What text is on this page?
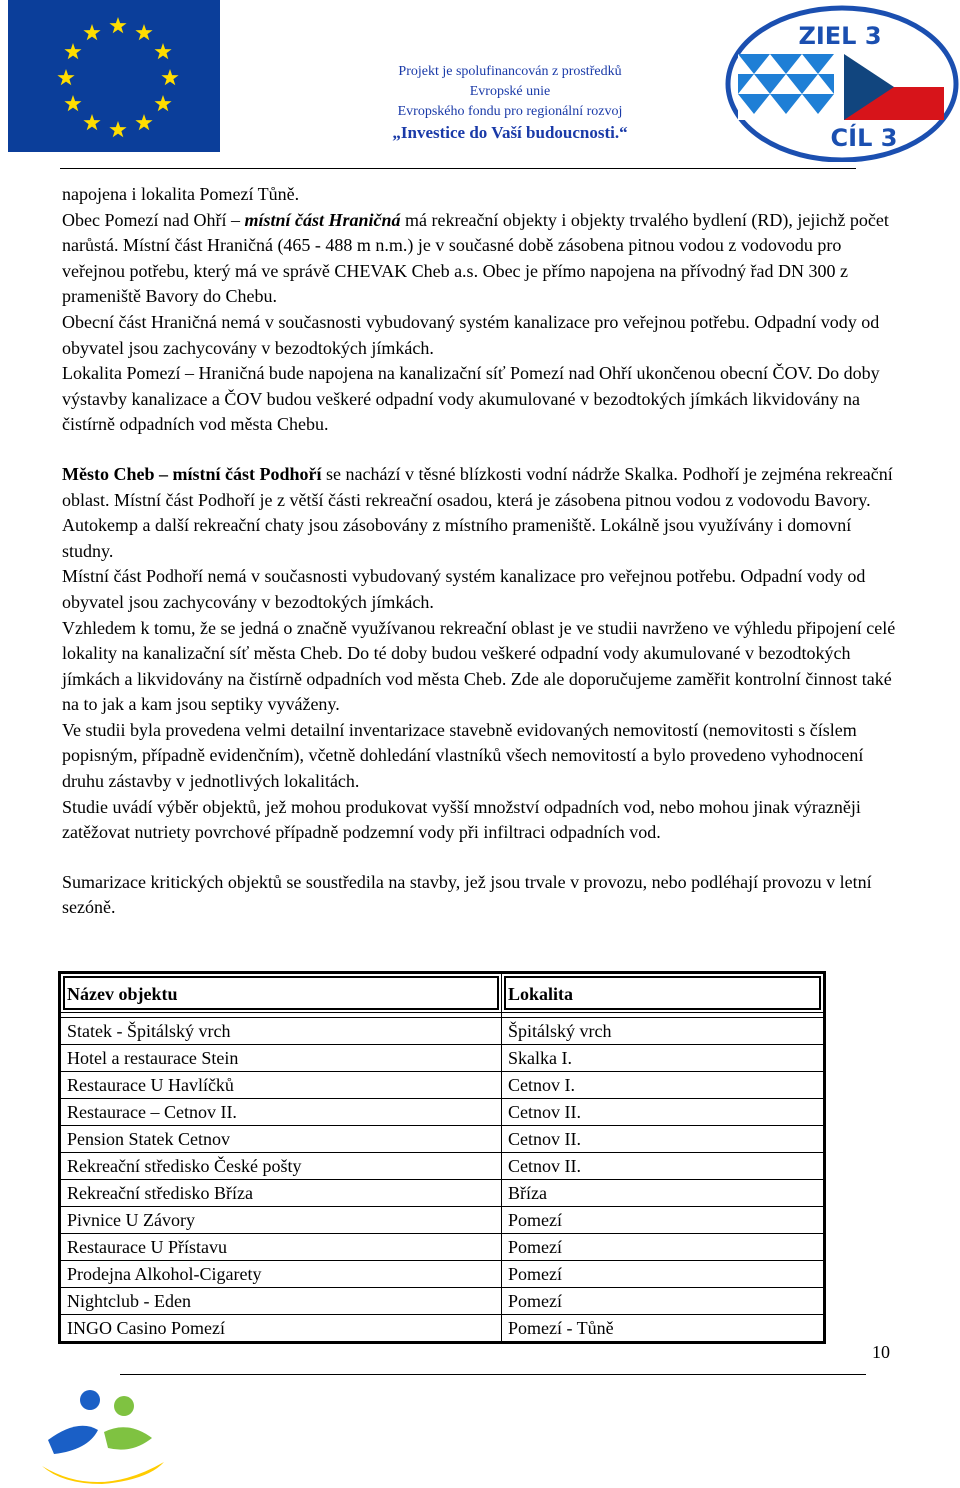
Projekt je spolufinancován z prostředků
Evropské unie
Evropského fondu pro regionální rozvoj
„Investice do Vaší budoucnosti.“
ZIEL 3
CÍL 3

napojena i lokalita Pomezí Tůně.

Obec Pomezí nad Ohří – místní část Hraničná má rekreační objekty i objekty trvalého bydlení (RD), jejichž počet narůstá. Místní část Hraničná (465 - 488 m n.m.) je v současné době zásobena pitnou vodou z vodovodu pro veřejnou potřebu, který má ve správě CHEVAK Cheb a.s. Obec je přímo napojena na přívodný řad DN 300 z prameniště Bavory do Chebu.

Obecní část Hraničná nemá v současnosti vybudovaný systém kanalizace pro veřejnou potřebu. Odpadní vody od obyvatel jsou zachycovány v bezodtokých jímkách.

Lokalita Pomezí – Hraničná bude napojena na kanalizační síť Pomezí nad Ohří ukončenou obecní ČOV. Do doby výstavby kanalizace a ČOV budou veškeré odpadní vody akumulované v bezodtokých jímkách likvidovány na čistírně odpadních vod města Chebu.

Město Cheb – místní část Podhoří se nachází v těsné blízkosti vodní nádrže Skalka. Podhoří je zejména rekreační oblast. Místní část Podhoří je z větší části rekreační osadou, která je zásobena pitnou vodou z vodovodu Bavory. Autokemp a další rekreační chaty jsou zásobovány z místního prameniště. Lokálně jsou využívány i domovní studny.

Místní část Podhoří nemá v současnosti vybudovaný systém kanalizace pro veřejnou potřebu. Odpadní vody od obyvatel jsou zachycovány v bezodtokých jímkách.

Vzhledem k tomu, že se jedná o značně využívanou rekreační oblast je ve studii navrženo ve výhledu připojení celé lokality na kanalizační síť města Cheb. Do té doby budou veškeré odpadní vody akumulované v bezodtokých jímkách a likvidovány na čistírně odpadních vod města Cheb. Zde ale doporučujeme zaměřit kontrolní činnost také na to jak a kam jsou septiky vyváženy.

Ve studii byla provedena velmi detailní inventarizace stavebně evidovaných nemovitostí (nemovitosti s číslem popisným, případně evidenčním), včetně dohledání vlastníků všech nemovitostí a bylo provedeno vyhodnocení druhu zástavby v jednotlivých lokalitách.

Studie uvádí výběr objektů, jež mohou produkovat vyšší množství odpadních vod, nebo mohou jinak výrazněji zatěžovat nutriety povrchové případně podzemní vody při infiltraci odpadních vod.

Sumarizace kritických objektů se soustředila na stavby, jež jsou trvale v provozu, nebo podléhají provozu v letní sezóně.

Název objektu	Lokalita

Statek - Špitálský vrch	Špitálský vrch
Hotel a restaurace Stein	Skalka I.
Restaurace U Havlíčků	Cetnov I.
Restaurace – Cetnov II.	Cetnov II.
Pension Statek Cetnov	Cetnov II.
Rekreační středisko České pošty	Cetnov II.
Rekreační středisko Bříza	Bříza
Pivnice U Závory	Pomezí
Restaurace U Přístavu	Pomezí
Prodejna Alkohol-Cigarety	Pomezí
Nightclub - Eden	Pomezí
INGO Casino Pomezí	Pomezí - Tůně
10
